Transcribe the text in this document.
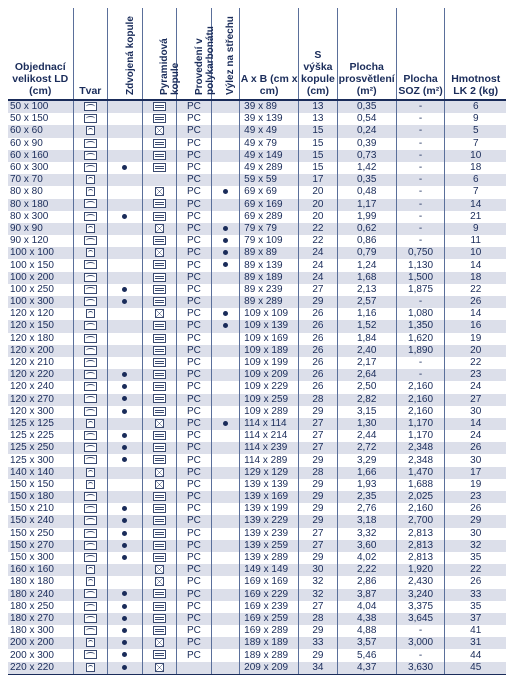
Objednací velikost LD (cm)	Tvar	Zdvojená kopule	Pyramidová kopule	Provedení v polykarbonátu	Výlez na střechu	A x B (cm x cm)	S výška kopule (cm)	Plocha prosvětlení (m²)	Plocha SOZ (m²)	Hmotnost LK 2 (kg)

50 x 100				PC		39 x 89	13	0,35	-	6
50 x 150				PC		39 x 139	13	0,54	-	9
60 x 60				PC		49 x 49	15	0,24	-	5
60 x 90				PC		49 x 79	15	0,39	-	7
60 x 160				PC		49 x 149	15	0,73	-	10
60 x 300				PC		49 x 289	15	1,42	-	18
70 x 70				PC		59 x 59	17	0,35	-	6
80 x 80				PC		69 x 69	20	0,48	-	7
80 x 180				PC		69 x 169	20	1,17	-	14
80 x 300				PC		69 x 289	20	1,99	-	21
90 x 90				PC		79 x 79	22	0,62	-	9
90 x 120				PC		79 x 109	22	0,86	-	11
100 x 100				PC		89 x 89	24	0,79	0,750	10
100 x 150				PC		89 x 139	24	1,24	1,130	14
100 x 200				PC		89 x 189	24	1,68	1,500	18
100 x 250				PC		89 x 239	27	2,13	1,875	22
100 x 300				PC		89 x 289	29	2,57	-	26
120 x 120				PC		109 x 109	26	1,16	1,080	14
120 x 150				PC		109 x 139	26	1,52	1,350	16
120 x 180				PC		109 x 169	26	1,84	1,620	19
120 x 200				PC		109 x 189	26	2,40	1,890	20
120 x 210				PC		109 x 199	26	2,17	-	22
120 x 220				PC		109 x 209	26	2,64	-	23
120 x 240				PC		109 x 229	26	2,50	2,160	24
120 x 270				PC		109 x 259	28	2,82	2,160	27
120 x 300				PC		109 x 289	29	3,15	2,160	30
125 x 125				PC		114 x 114	27	1,30	1,170	14
125 x 225				PC		114 x 214	27	2,44	1,170	24
125 x 250				PC		114 x 239	27	2,72	2,348	26
125 x 300				PC		114 x 289	29	3,29	2,348	30
140 x 140				PC		129 x 129	28	1,66	1,470	17
150 x 150				PC		139 x 139	29	1,93	1,688	19
150 x 180				PC		139 x 169	29	2,35	2,025	23
150 x 210				PC		139 x 199	29	2,76	2,160	26
150 x 240				PC		139 x 229	29	3,18	2,700	29
150 x 250				PC		139 x 239	27	3,32	2,813	30
150 x 270				PC		139 x 259	27	3,60	2,813	32
150 x 300				PC		139 x 289	29	4,02	2,813	35
160 x 160				PC		149 x 149	30	2,22	1,920	22
180 x 180				PC		169 x 169	32	2,86	2,430	26
180 x 240				PC		169 x 229	32	3,87	3,240	33
180 x 250				PC		169 x 239	27	4,04	3,375	35
180 x 270				PC		169 x 259	28	4,38	3,645	37
180 x 300				PC		169 x 289	29	4,88	-	41
200 x 200				PC		189 x 189	33	3,57	3,000	31
200 x 300				PC		189 x 289	29	5,46	-	44
220 x 220						209 x 209	34	4,37	3,630	45
